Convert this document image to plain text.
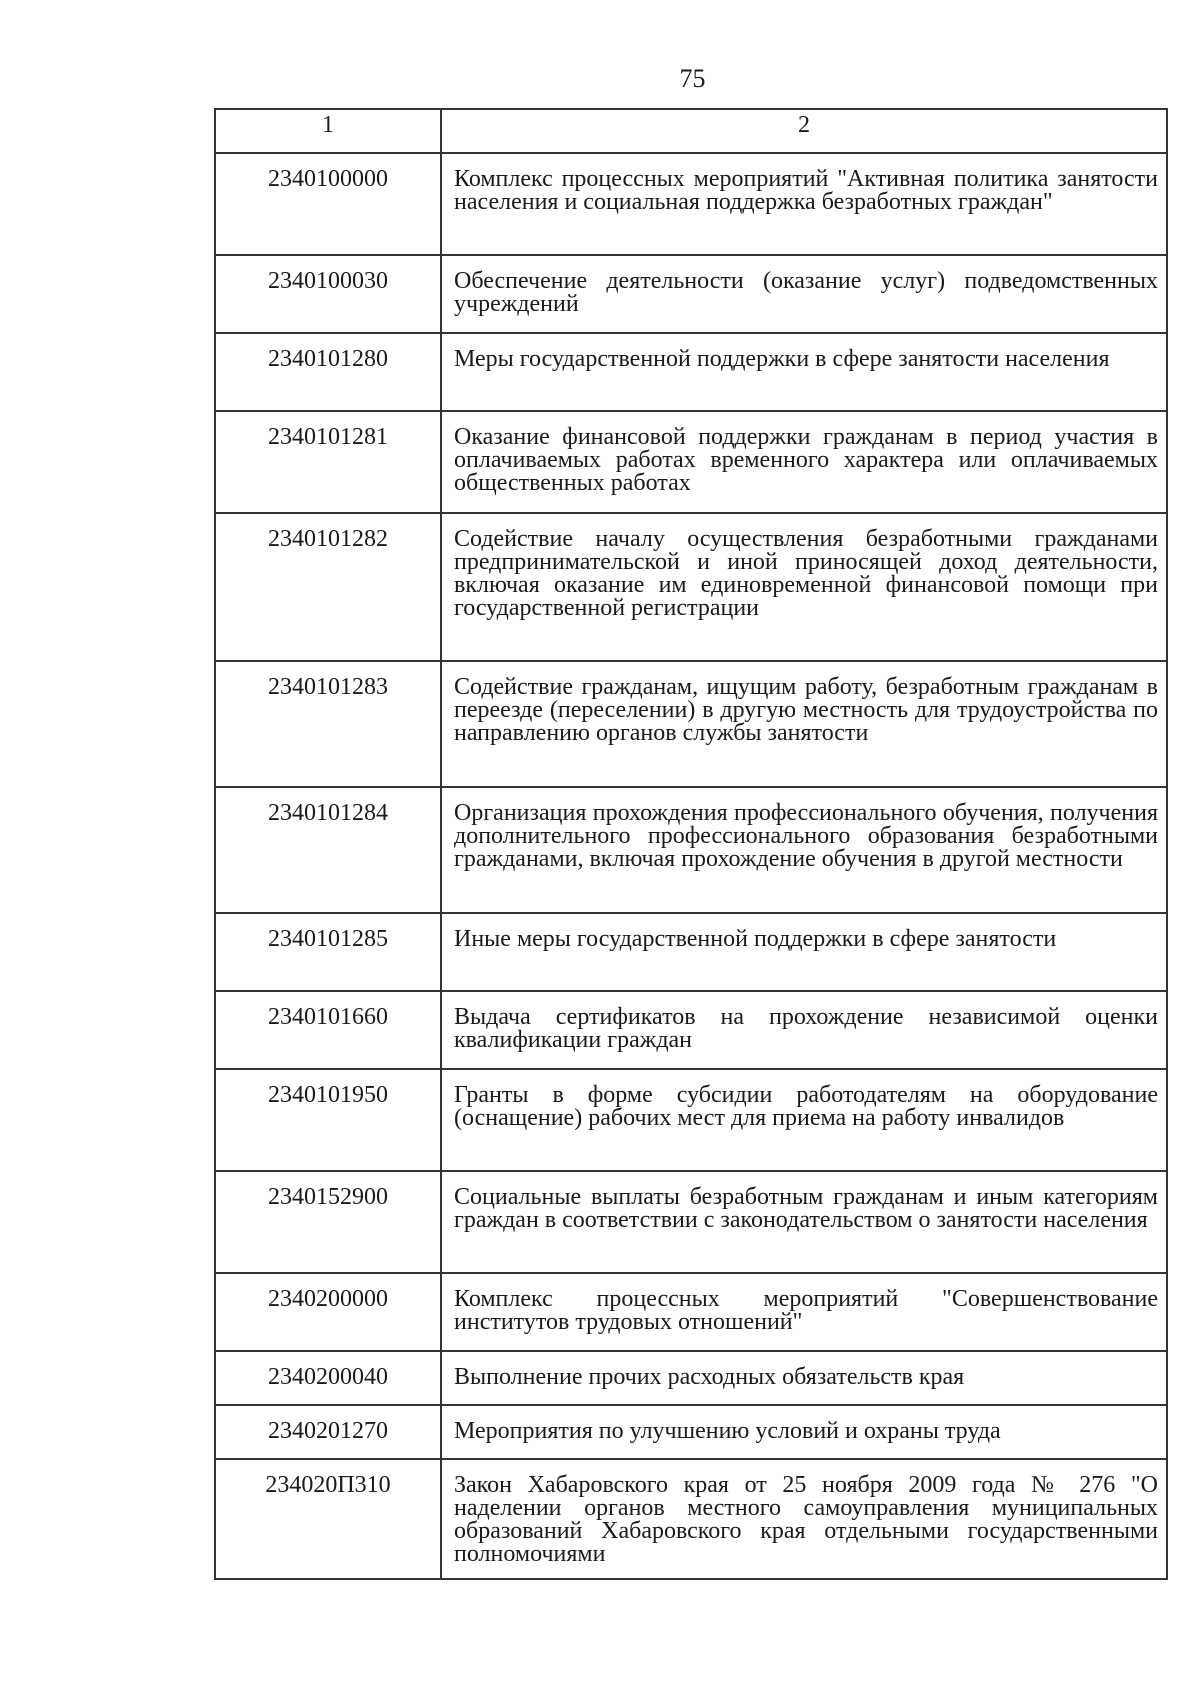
75
1	2
2340100000	Комплекс процессных мероприятий "Активная политика занятости населения и социальная поддержка безработных граждан"
2340100030	Обеспечение деятельности (оказание услуг) подведомственных учреждений
2340101280	Меры государственной поддержки в сфере занятости населения
2340101281	Оказание финансовой поддержки гражданам в период участия в оплачиваемых работах временного характера или оплачиваемых общественных работах
2340101282	Содействие началу осуществления безработными гражданами предпринимательской и иной приносящей доход деятельности, включая оказание им единовременной финансовой помощи при государственной регистрации
2340101283	Содействие гражданам, ищущим работу, безработным гражданам в переезде (переселении) в другую местность для трудоустройства по направлению органов службы занятости
2340101284	Организация прохождения профессионального обучения, получения дополнительного профессионального образования безработными гражданами, включая прохождение обучения в другой местности
2340101285	Иные меры государственной поддержки в сфере занятости
2340101660	Выдача сертификатов на прохождение независимой оценки квалификации граждан
2340101950	Гранты в форме субсидии работодателям на оборудование (оснащение) рабочих мест для приема на работу инвалидов
2340152900	Социальные выплаты безработным гражданам и иным категориям граждан в соответствии с законодательством о занятости населения
2340200000	Комплекс процессных мероприятий "Совершенствование институтов трудовых отношений"
2340200040	Выполнение прочих расходных обязательств края
2340201270	Мероприятия по улучшению условий и охраны труда
234020П310	Закон Хабаровского края от 25 ноября 2009 года № 276 "О наделении органов местного самоуправления муниципальных образований Хабаровского края отдельными государственными полномочиями
